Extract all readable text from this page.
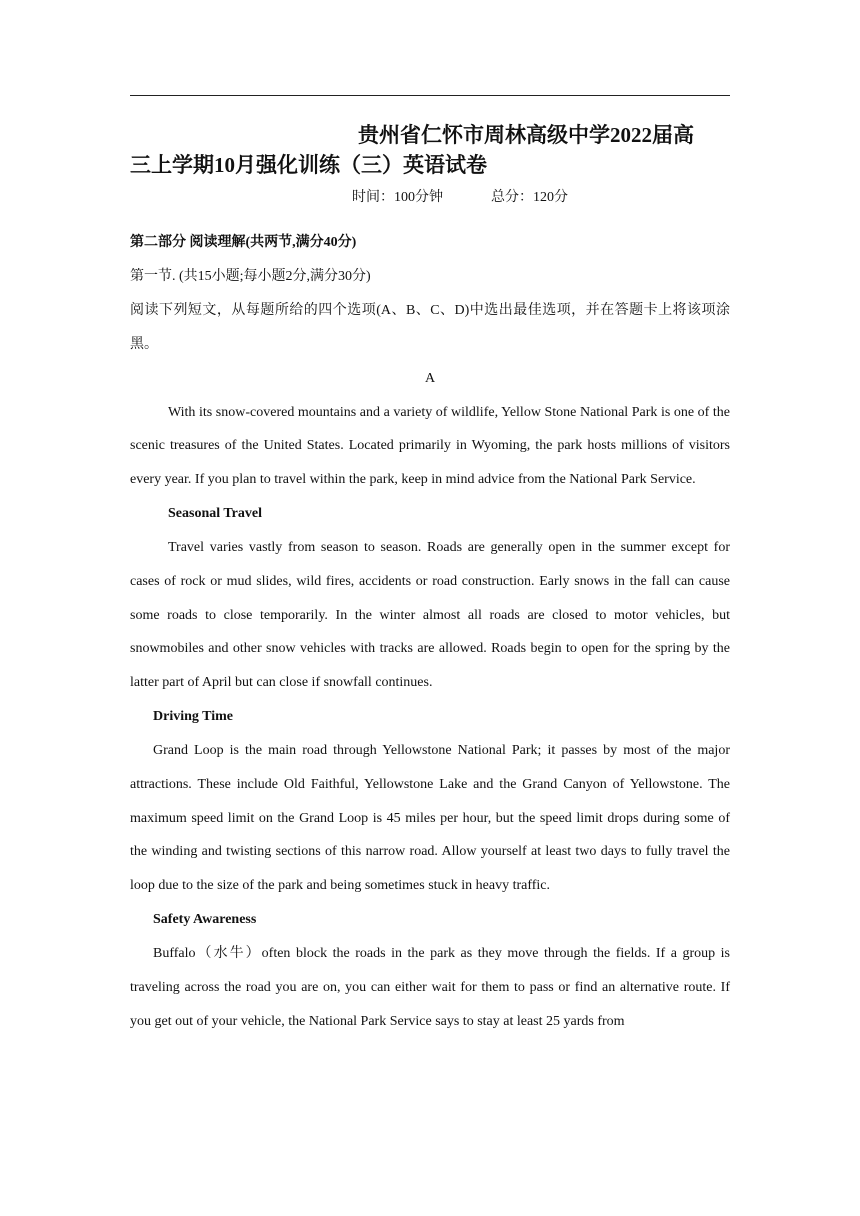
贵州省仁怀市周林高级中学2022届高
三上学期10月强化训练（三）英语试卷

时间：100分钟	总分：120分
第二部分 阅读理解(共两节,满分40分)
第一节. (共15小题;每小题2分,满分30分)

阅读下列短文，从每题所给的四个选项(A、B、C、D)中选出最佳选项，并在答题卡上将该项涂黑。

A

With its snow-covered mountains and a variety of wildlife, Yellow Stone National Park is one of the scenic treasures of the United States. Located primarily in Wyoming, the park hosts millions of visitors every year. If you plan to travel within the park, keep in mind advice from the National Park Service.

Seasonal Travel

Travel varies vastly from season to season. Roads are generally open in the summer except for cases of rock or mud slides, wild fires, accidents or road construction. Early snows in the fall can cause some roads to close temporarily. In the winter almost all roads are closed to motor vehicles, but snowmobiles and other snow vehicles with tracks are allowed. Roads begin to open for the spring by the latter part of April but can close if snowfall continues.

Driving Time

Grand Loop is the main road through Yellowstone National Park; it passes by most of the major attractions. These include Old Faithful, Yellowstone Lake and the Grand Canyon of Yellowstone. The maximum speed limit on the Grand Loop is 45 miles per hour, but the speed limit drops during some of the winding and twisting sections of this narrow road. Allow yourself at least two days to fully travel the loop due to the size of the park and being sometimes stuck in heavy traffic.

Safety Awareness

Buffalo（水牛）often block the roads in the park as they move through the fields. If a group is traveling across the road you are on, you can either wait for them to pass or find an alternative route. If you get out of your vehicle, the National Park Service says to stay at least 25 yards from
